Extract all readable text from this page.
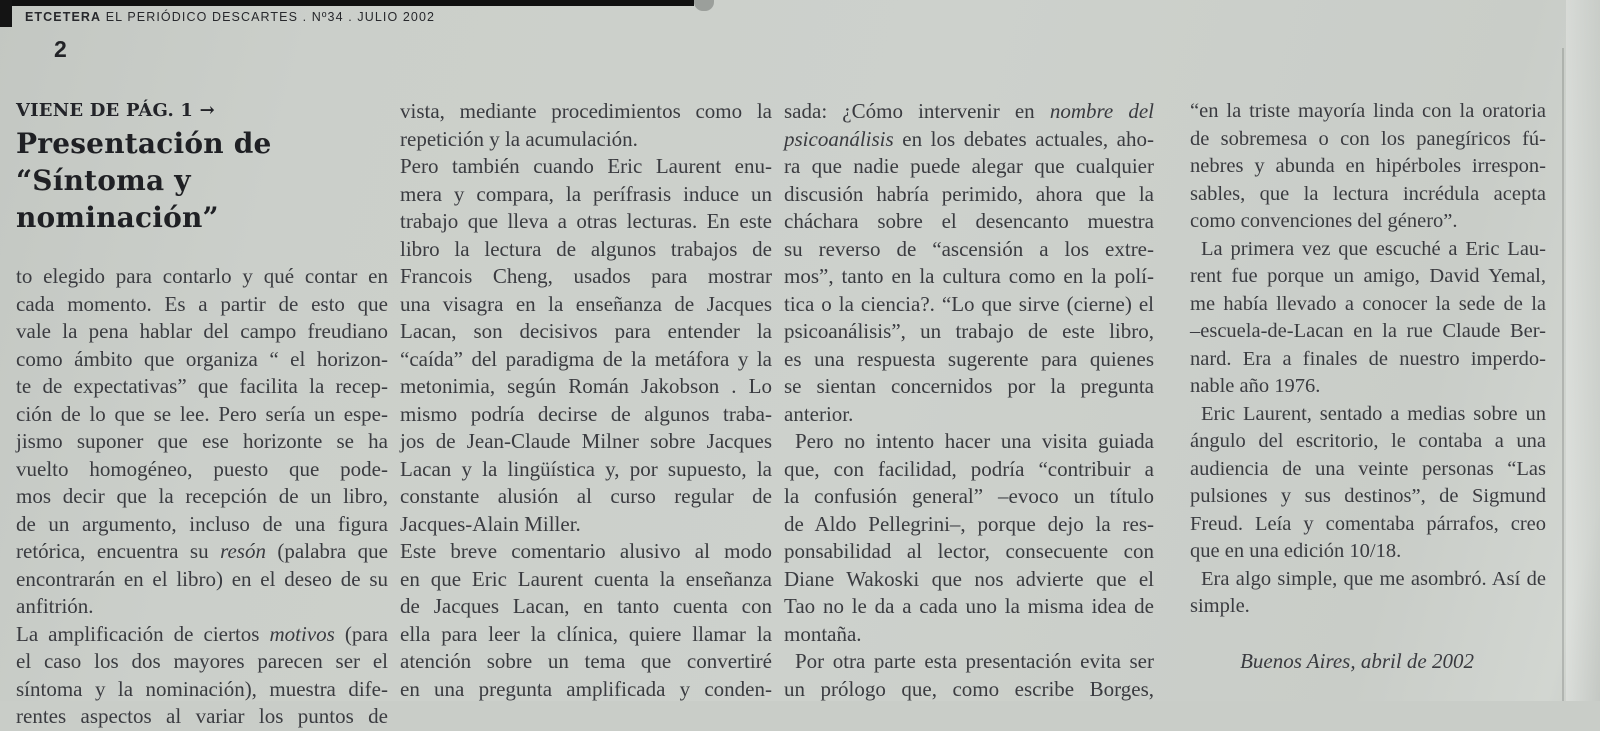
ETCETERA EL PERIÓDICO DESCARTES . Nº34 . JULIO 2002
2
VIENE DE PÁG. 1 →
Presentación de
“Síntoma y nominación”
to elegido para contarlo y qué contar en
cada momento. Es a partir de esto que
vale la pena hablar del campo freudiano
como ámbito que organiza “ el horizon-
te de expectativas” que facilita la recep-
ción de lo que se lee. Pero sería un espe-
jismo suponer que ese horizonte se ha
vuelto homogéneo, puesto que pode-
mos decir que la recepción de un libro,
de un argumento, incluso de una figura
retórica, encuentra su resón (palabra que
encontrarán en el libro) en el deseo de su
anfitrión.
La amplificación de ciertos motivos (para
el caso los dos mayores parecen ser el
síntoma y la nominación), muestra dife-
rentes aspectos al variar los puntos de
vista, mediante procedimientos como la
repetición y la acumulación.
Pero también cuando Eric Laurent enu-
mera y compara, la perífrasis induce un
trabajo que lleva a otras lecturas. En este
libro la lectura de algunos trabajos de
Francois Cheng, usados para mostrar
una visagra en la enseñanza de Jacques
Lacan, son decisivos para entender la
“caída” del paradigma de la metáfora y la
metonimia, según Román Jakobson . Lo
mismo podría decirse de algunos traba-
jos de Jean-Claude Milner sobre Jacques
Lacan y la lingüística y, por supuesto, la
constante alusión al curso regular de
Jacques-Alain Miller.
Este breve comentario alusivo al modo
en que Eric Laurent cuenta la enseñanza
de Jacques Lacan, en tanto cuenta con
ella para leer la clínica, quiere llamar la
atención sobre un tema que convertiré
en una pregunta amplificada y conden-
sada: ¿Cómo intervenir en nombre del
psicoanálisis en los debates actuales, aho-
ra que nadie puede alegar que cualquier
discusión habría perimido, ahora que la
cháchara sobre el desencanto muestra
su reverso de “ascensión a los extre-
mos”, tanto en la cultura como en la polí-
tica o la ciencia?. “Lo que sirve (cierne) el
psicoanálisis”, un trabajo de este libro,
es una respuesta sugerente para quienes
se sientan concernidos por la pregunta
anterior.
Pero no intento hacer una visita guiada
que, con facilidad, podría “contribuir a
la confusión general” –evoco un título
de Aldo Pellegrini–, porque dejo la res-
ponsabilidad al lector, consecuente con
Diane Wakoski que nos advierte que el
Tao no le da a cada uno la misma idea de
montaña.
Por otra parte esta presentación evita ser
un prólogo que, como escribe Borges,
“en la triste mayoría linda con la oratoria
de sobremesa o con los panegíricos fú-
nebres y abunda en hipérboles irrespon-
sables, que la lectura incrédula acepta
como convenciones del género”.
La primera vez que escuché a Eric Lau-
rent fue porque un amigo, David Yemal,
me había llevado a conocer la sede de la
–escuela-de-Lacan en la rue Claude Ber-
nard. Era a finales de nuestro imperdo-
nable año 1976.
Eric Laurent, sentado a medias sobre un
ángulo del escritorio, le contaba a una
audiencia de una veinte personas “Las
pulsiones y sus destinos”, de Sigmund
Freud. Leía y comentaba párrafos, creo
que en una edición 10/18.
Era algo simple, que me asombró. Así de
simple.
Buenos Aires, abril de 2002
